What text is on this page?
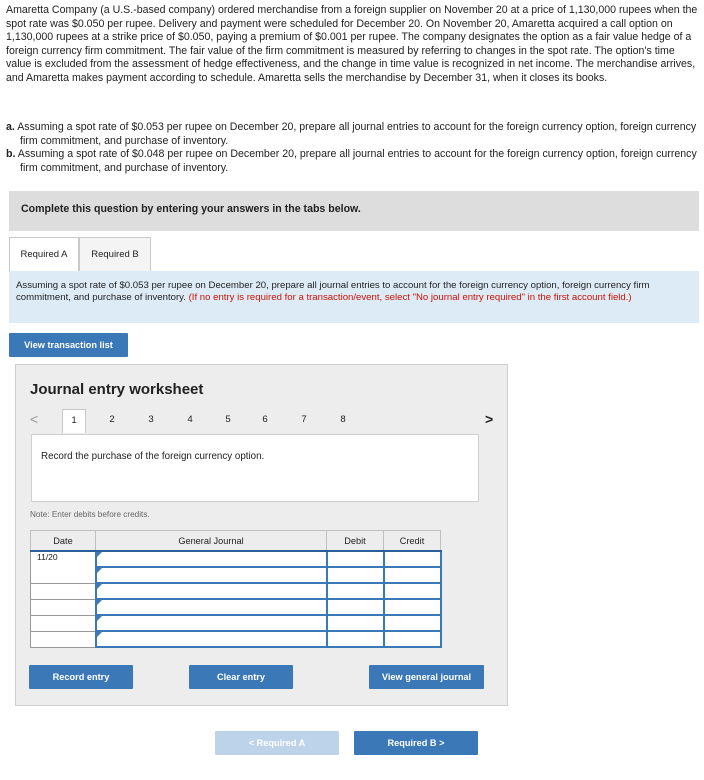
Amaretta Company (a U.S.-based company) ordered merchandise from a foreign supplier on November 20 at a price of 1,130,000 rupees when the spot rate was $0.050 per rupee. Delivery and payment were scheduled for December 20. On November 20, Amaretta acquired a call option on 1,130,000 rupees at a strike price of $0.050, paying a premium of $0.001 per rupee. The company designates the option as a fair value hedge of a foreign currency firm commitment. The fair value of the firm commitment is measured by referring to changes in the spot rate. The option's time value is excluded from the assessment of hedge effectiveness, and the change in time value is recognized in net income. The merchandise arrives, and Amaretta makes payment according to schedule. Amaretta sells the merchandise by December 31, when it closes its books.
a. Assuming a spot rate of $0.053 per rupee on December 20, prepare all journal entries to account for the foreign currency option, foreign currency firm commitment, and purchase of inventory.
b. Assuming a spot rate of $0.048 per rupee on December 20, prepare all journal entries to account for the foreign currency option, foreign currency firm commitment, and purchase of inventory.
Complete this question by entering your answers in the tabs below.
Required A	Required B

Assuming a spot rate of $0.053 per rupee on December 20, prepare all journal entries to account for the foreign currency option, foreign currency firm commitment, and purchase of inventory. (If no entry is required for a transaction/event, select "No journal entry required" in the first account field.)

View transaction list
Journal entry worksheet
<	1	2	3	4	5	6	7	8	>
Record the purchase of the foreign currency option.
Note: Enter debits before credits.
Date	General Journal	Debit	Credit
11/20	

Record entry	Clear entry	View general journal
< Required A	Required B >
